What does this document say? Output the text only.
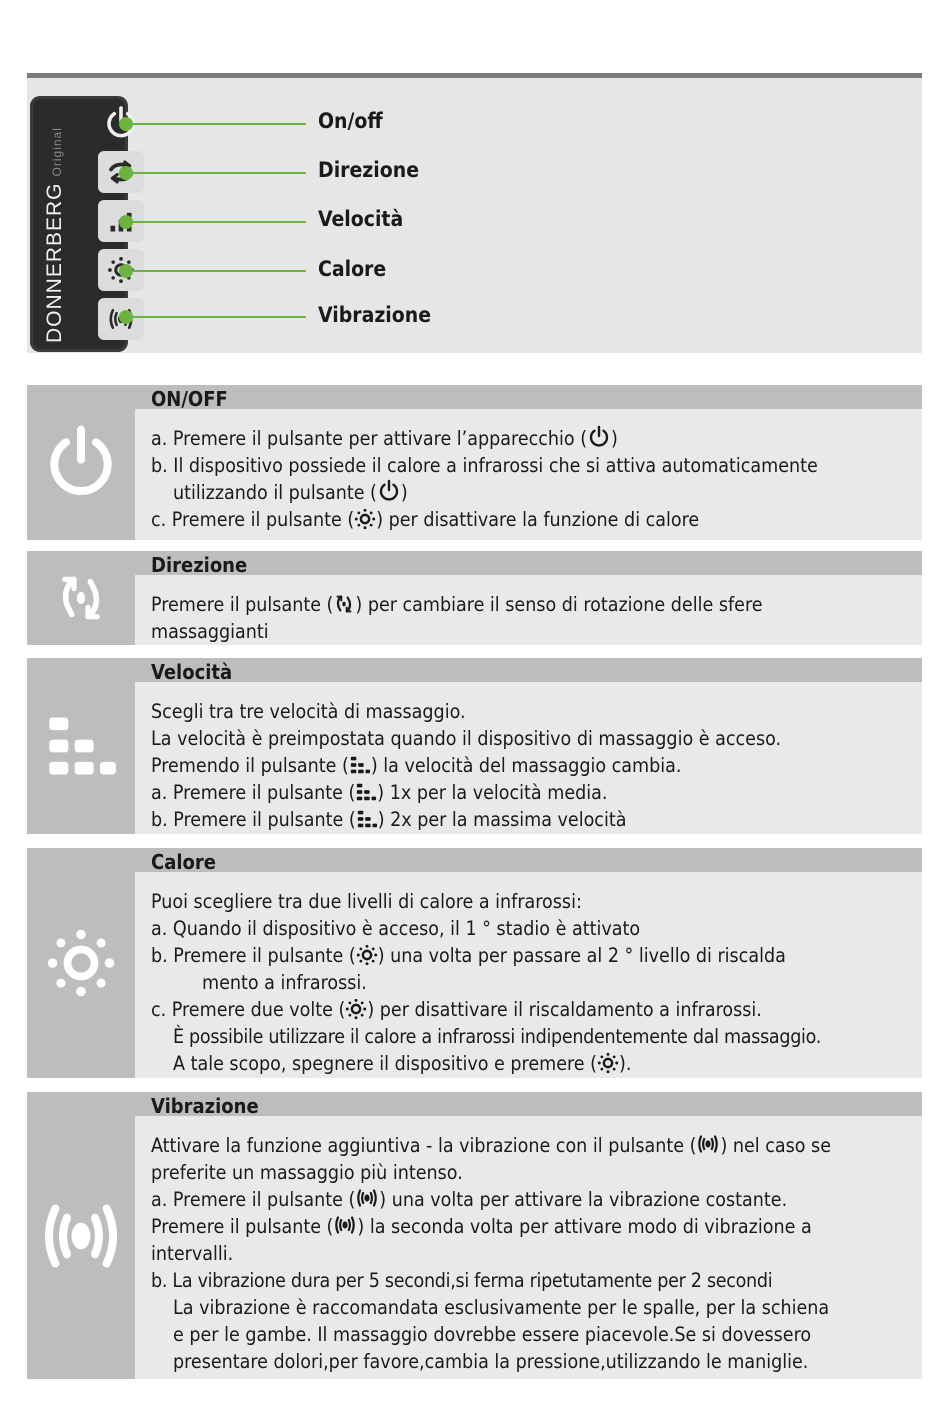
DONNERBERGOriginal
On/off
Direzione
Velocità
Calore
Vibrazione
ON/OFF

a. Premere il pulsante per attivare l’apparecchio ( )

b. Il dispositivo possiede il calore a infrarossi che si attiva automaticamente

utilizzando il pulsante ( )

c. Premere il pulsante ( ) per disattivare la funzione di calore

Direzione

Premere il pulsante ( ) per cambiare il senso di rotazione delle sfere

massaggianti

Velocità

Scegli tra tre velocità di massaggio.

La velocità è preimpostata quando il dispositivo di massaggio è acceso.

Premendo il pulsante ( ) la velocità del massaggio cambia.

a. Premere il pulsante ( ) 1x per la velocità media.

b. Premere il pulsante ( ) 2x per la massima velocità

Calore

Puoi scegliere tra due livelli di calore a infrarossi:

a. Quando il dispositivo è acceso, il 1 ° stadio è attivato

b. Premere il pulsante ( ) una volta per passare al 2 ° livello di riscalda

mento a infrarossi.

c. Premere due volte ( ) per disattivare il riscaldamento a infrarossi.

È possibile utilizzare il calore a infrarossi indipendentemente dal massaggio.

A tale scopo, spegnere il dispositivo e premere ( ).

Vibrazione

Attivare la funzione aggiuntiva - la vibrazione con il pulsante ( ) nel caso se

preferite un massaggio più intenso.

a. Premere il pulsante ( ) una volta per attivare la vibrazione costante.

Premere il pulsante ( ) la seconda volta per attivare modo di vibrazione a

intervalli.

b. La vibrazione dura per 5 secondi,si ferma ripetutamente per 2 secondi

La vibrazione è raccomandata esclusivamente per le spalle, per la schiena

e per le gambe. Il massaggio dovrebbe essere piacevole.Se si dovessero

presentare dolori,per favore,cambia la pressione,utilizzando le maniglie.
